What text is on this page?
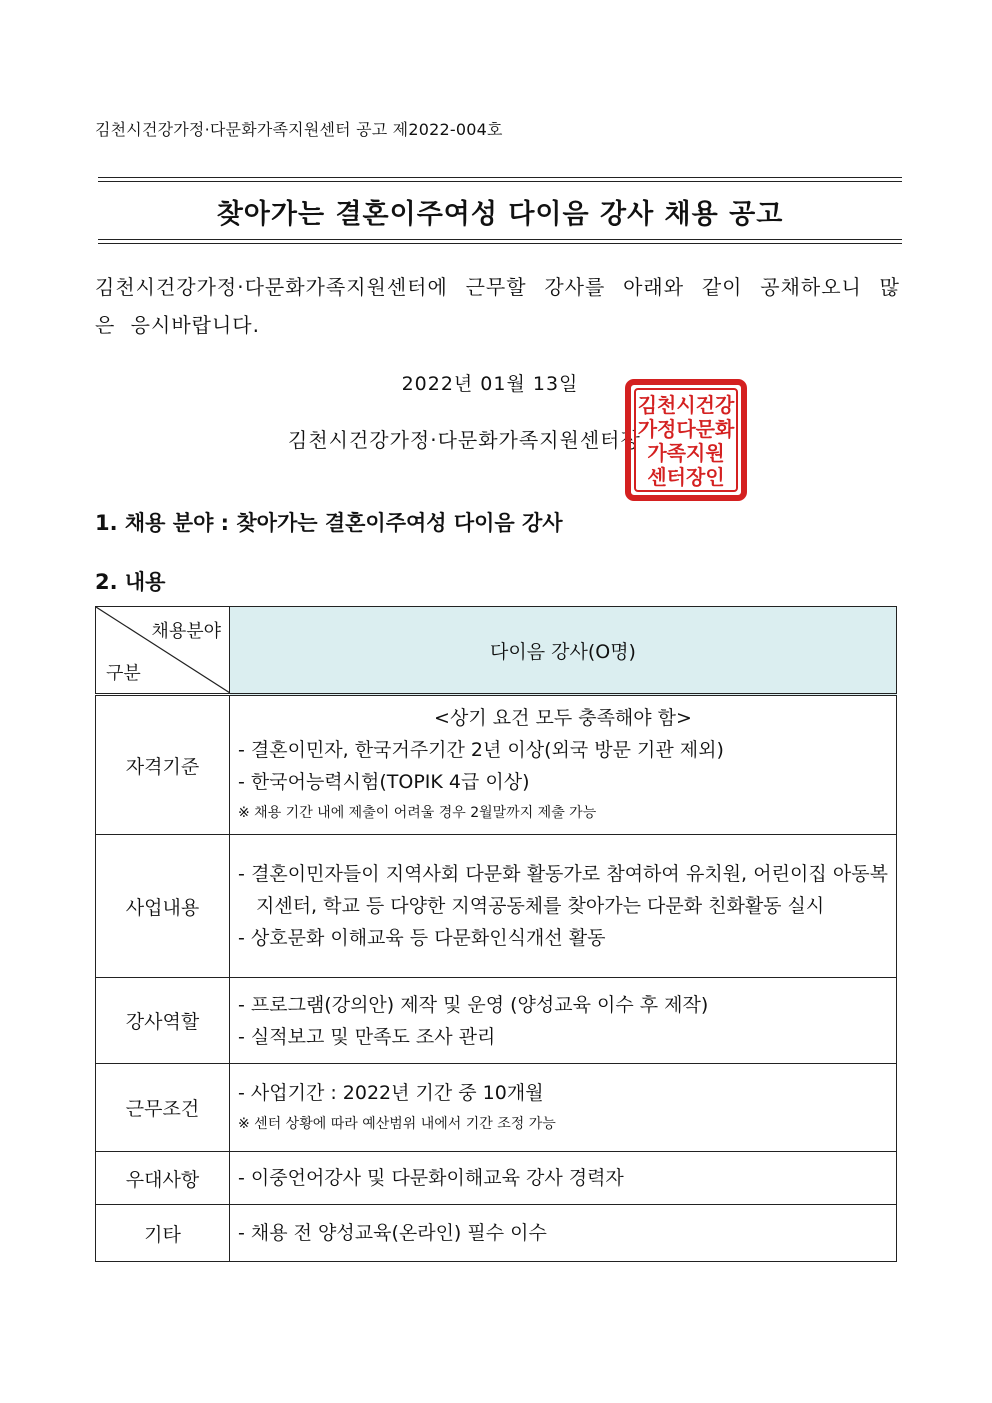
김천시건강가정·다문화가족지원센터 공고 제2022-004호
찾아가는 결혼이주여성 다이음 강사 채용 공고
김천시건강가정·다문화가족지원센터에 근무할 강사를 아래와 같이 공채하오니 많은 응시바랍니다.
2022년 01월 13일
김천시건강가정·다문화가족지원센터장
김천시건강
가정다문화
가족지원
센터장인
1. 채용 분야 : 찾아가는 결혼이주여성 다이음 강사
2. 내용
채용분야
구분	다이음 강사(O명)
자격기준	<상기 요건 모두 충족해야 함>
- 결혼이민자, 한국거주기간 2년 이상(외국 방문 기관 제외)
- 한국어능력시험(TOPIK 4급 이상)
※ 채용 기간 내에 제출이 어려울 경우 2월말까지 제출 가능

사업내용	- 결혼이민자들이 지역사회 다문화 활동가로 참여하여 유치원, 어린이집 아동복지센터, 학교 등 다양한 지역공동체를 찾아가는 다문화 친화활동 실시
- 상호문화 이해교육 등 다문화인식개선 활동

강사역할	- 프로그램(강의안) 제작 및 운영 (양성교육 이수 후 제작)
- 실적보고 및 만족도 조사 관리

근무조건	- 사업기간 : 2022년 기간 중 10개월
※ 센터 상황에 따라 예산범위 내에서 기간 조정 가능

우대사항	- 이중언어강사 및 다문화이해교육 강사 경력자

기타	- 채용 전 양성교육(온라인) 필수 이수
